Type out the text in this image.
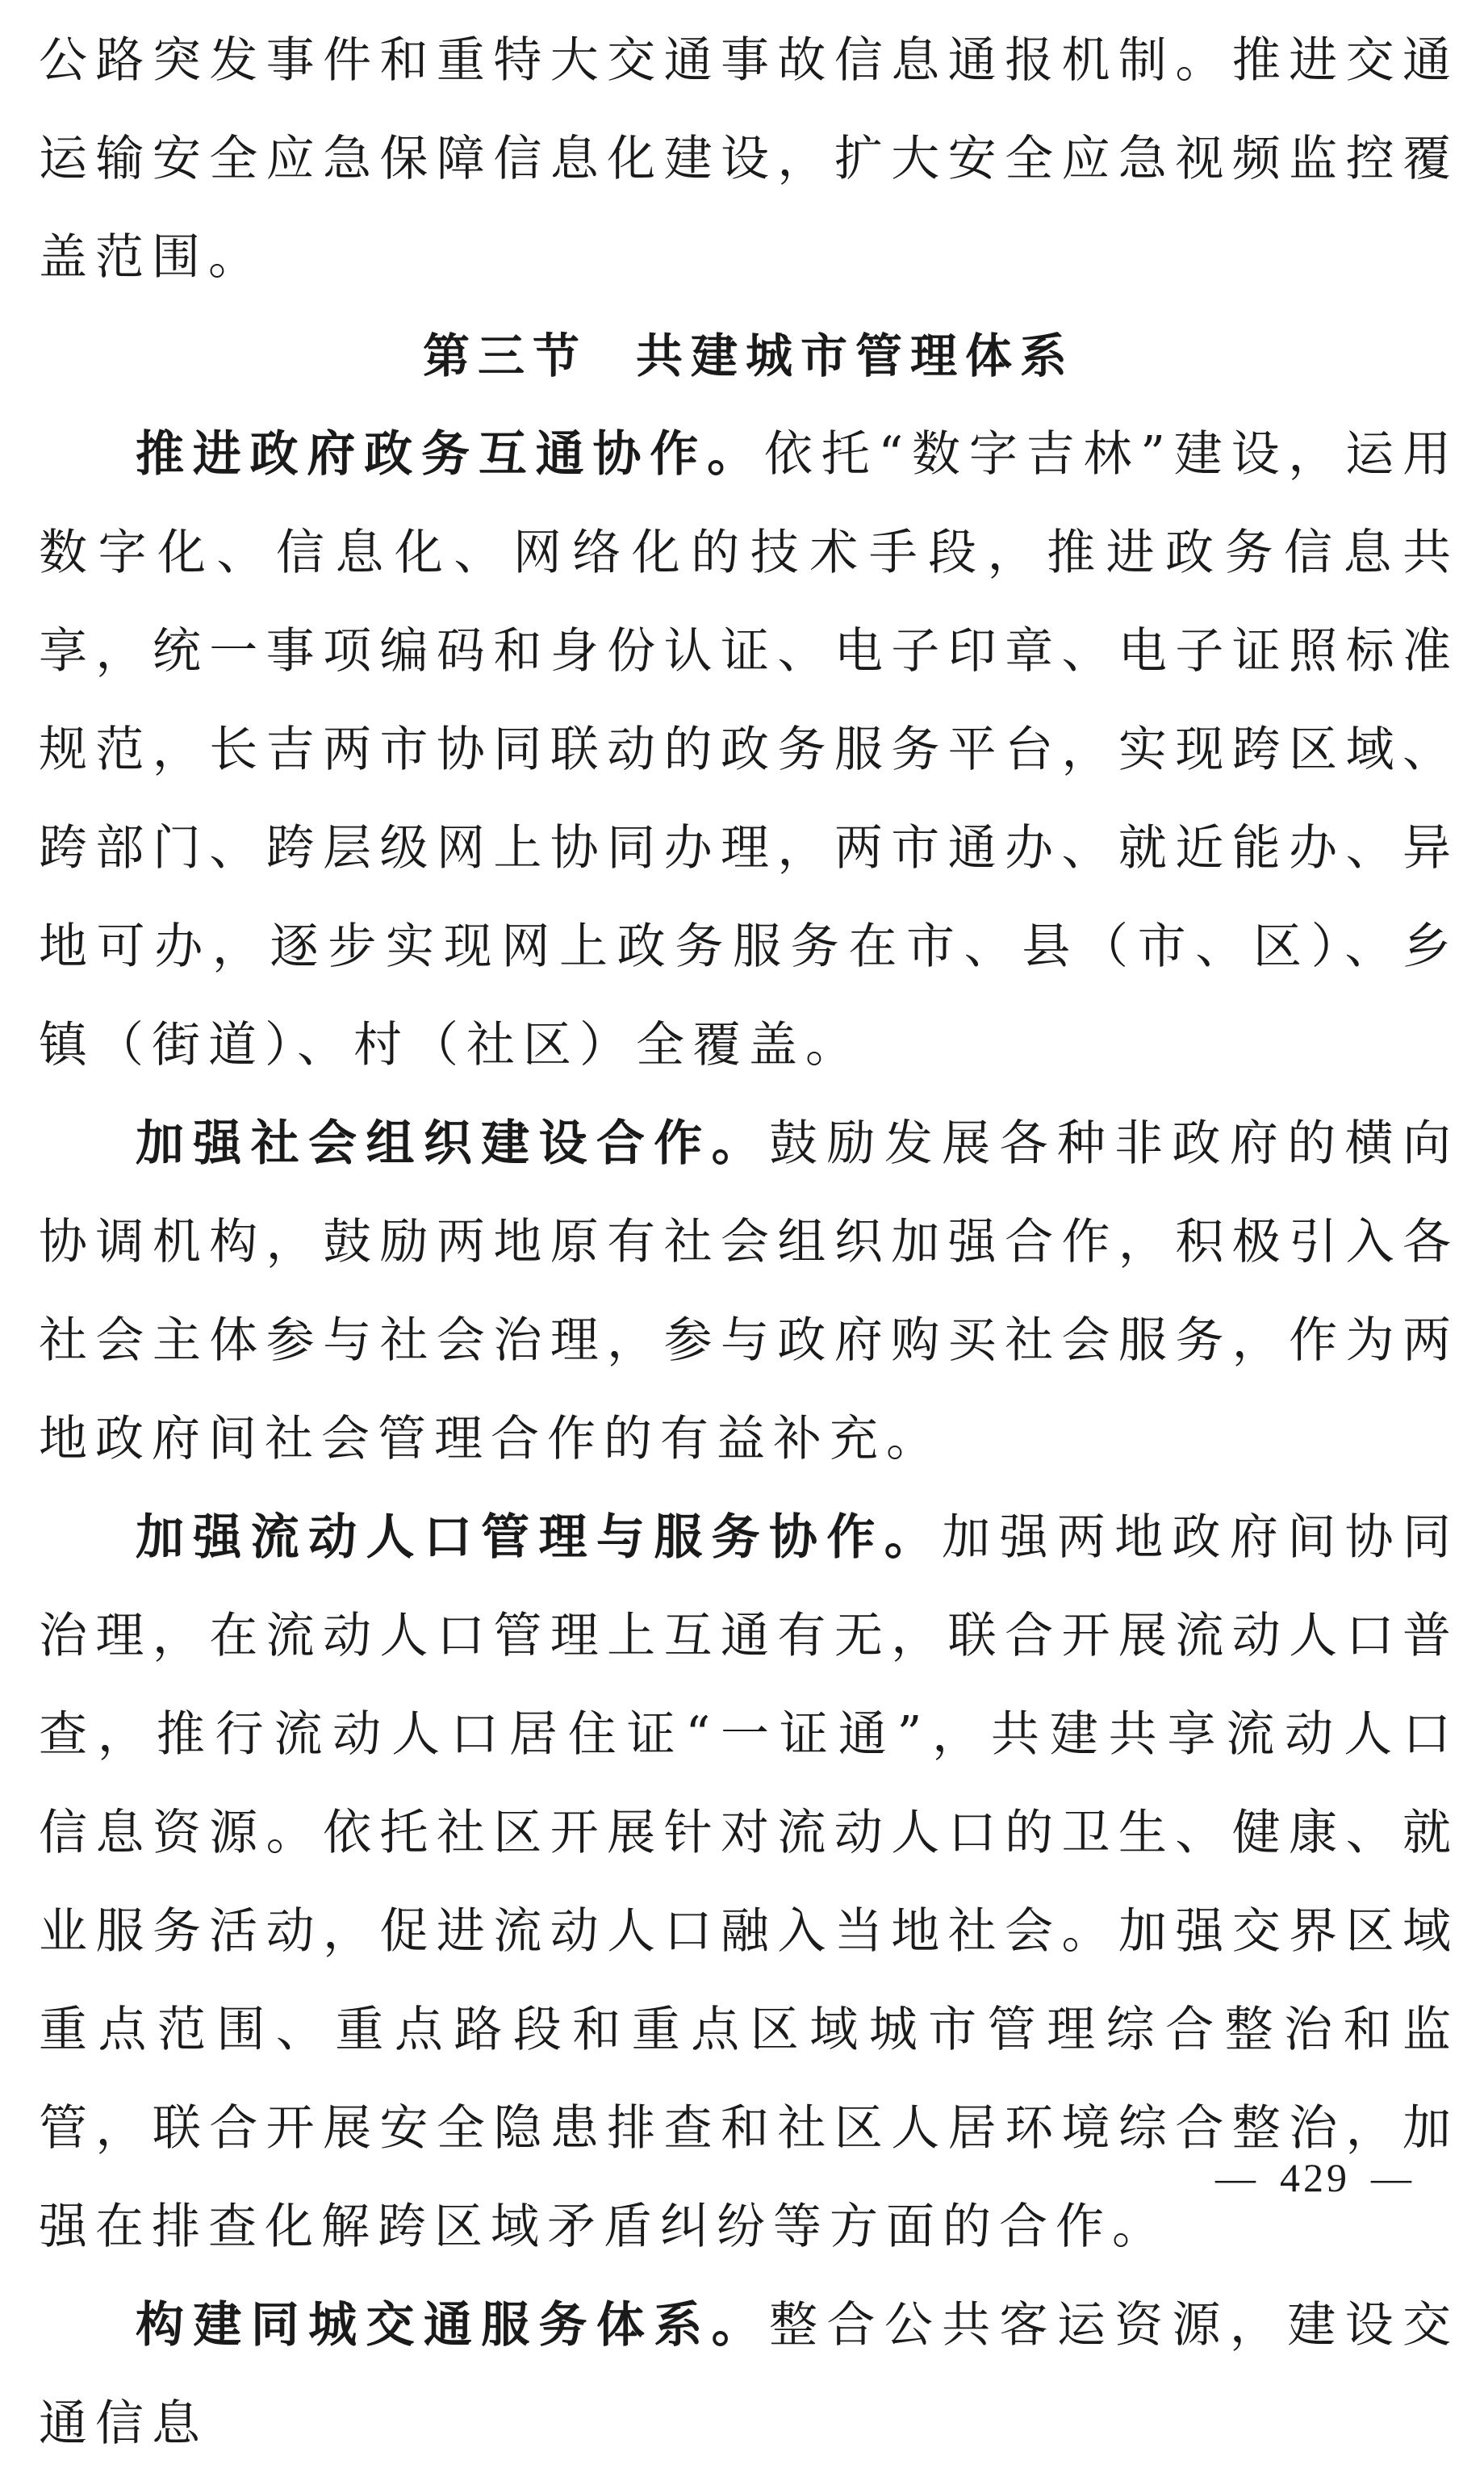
公路突发事件和重特大交通事故信息通报机制。推进交通运输安全应急保障信息化建设，扩大安全应急视频监控覆盖范围。

第三节 共建城市管理体系

推进政府政务互通协作。依托“数字吉林”建设，运用数字化、信息化、网络化的技术手段，推进政务信息共享，统一事项编码和身份认证、电子印章、电子证照标准规范，长吉两市协同联动的政务服务平台，实现跨区域、跨部门、跨层级网上协同办理，两市通办、就近能办、异地可办，逐步实现网上政务服务在市、县（市、区）、乡镇（街道）、村（社区）全覆盖。

加强社会组织建设合作。鼓励发展各种非政府的横向协调机构，鼓励两地原有社会组织加强合作，积极引入各社会主体参与社会治理，参与政府购买社会服务，作为两地政府间社会管理合作的有益补充。

加强流动人口管理与服务协作。加强两地政府间协同治理，在流动人口管理上互通有无，联合开展流动人口普查，推行流动人口居住证“一证通”，共建共享流动人口信息资源。依托社区开展针对流动人口的卫生、健康、就业服务活动，促进流动人口融入当地社会。加强交界区域重点范围、重点路段和重点区域城市管理综合整治和监管，联合开展安全隐患排查和社区人居环境综合整治，加强在排查化解跨区域矛盾纠纷等方面的合作。

构建同城交通服务体系。整合公共客运资源，建设交通信息

— 429 —
